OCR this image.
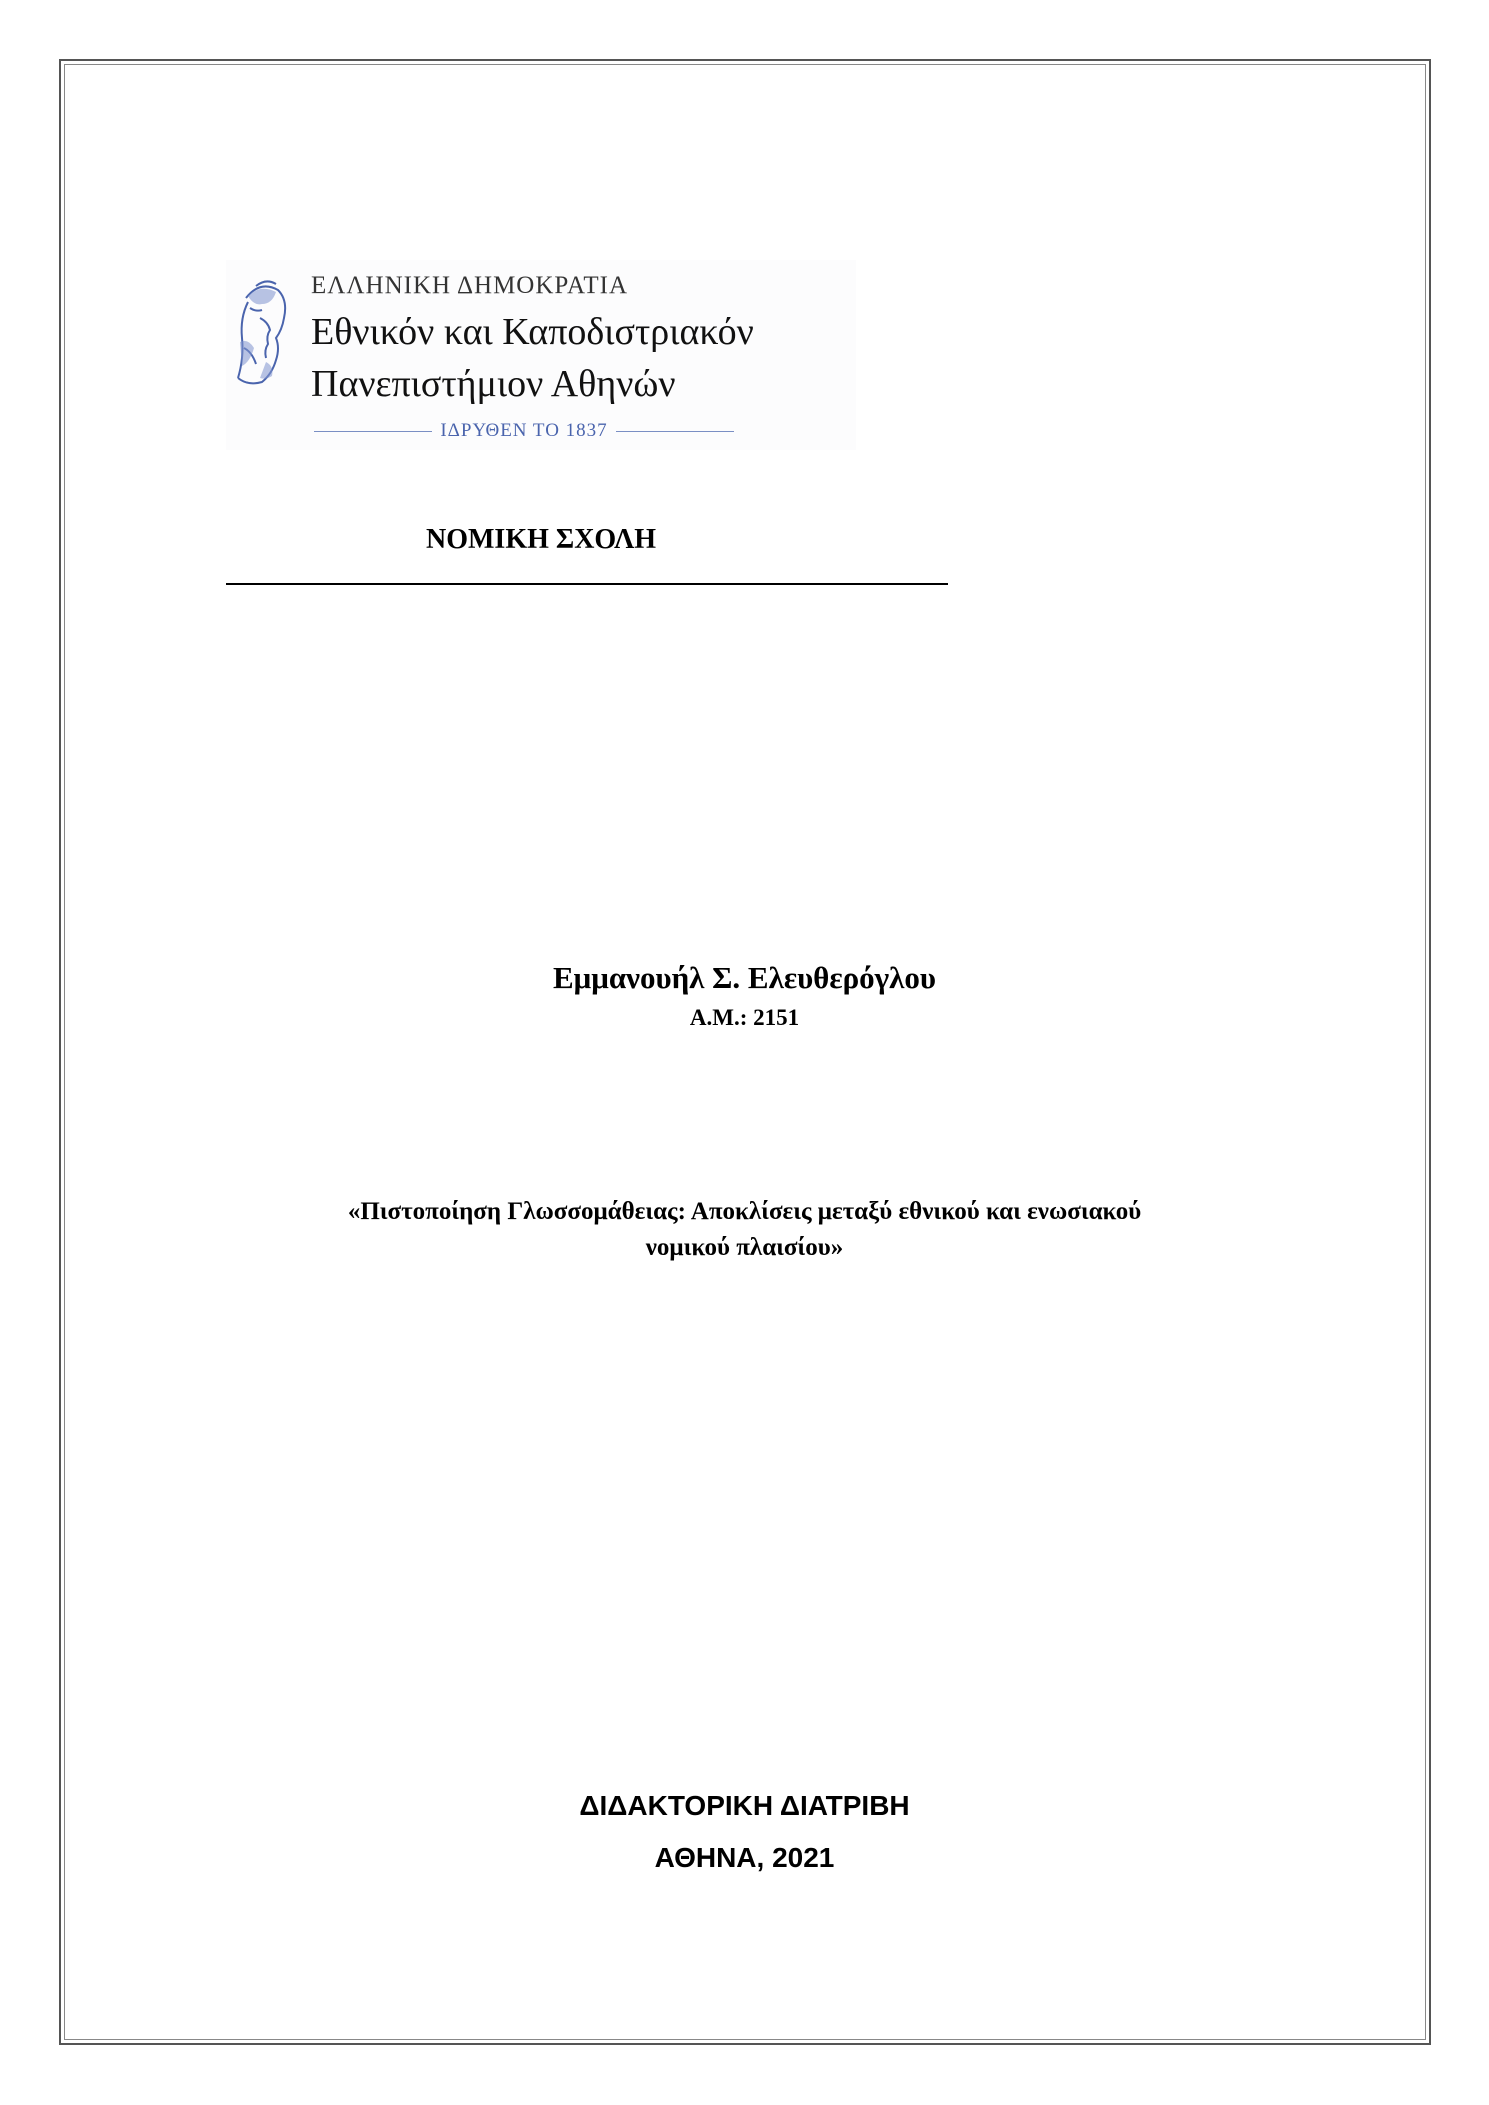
ΕΛΛΗΝΙΚΗ ΔΗΜΟΚΡΑΤΙΑ
Εθνικόν και Καποδιστριακόν
Πανεπιστήμιον Αθηνών
ΙΔΡΥΘΕΝ ΤΟ 1837
ΝΟΜΙΚΗ ΣΧΟΛΗ
Εμμανουήλ Σ. Ελευθερόγλου
Α.Μ.: 2151
«Πιστοποίηση Γλωσσομάθειας: Αποκλίσεις μεταξύ εθνικού και ενωσιακού
νομικού πλαισίου»
ΔΙΔΑΚΤΟΡΙΚΗ ΔΙΑΤΡΙΒΗ
ΑΘΗΝΑ, 2021
